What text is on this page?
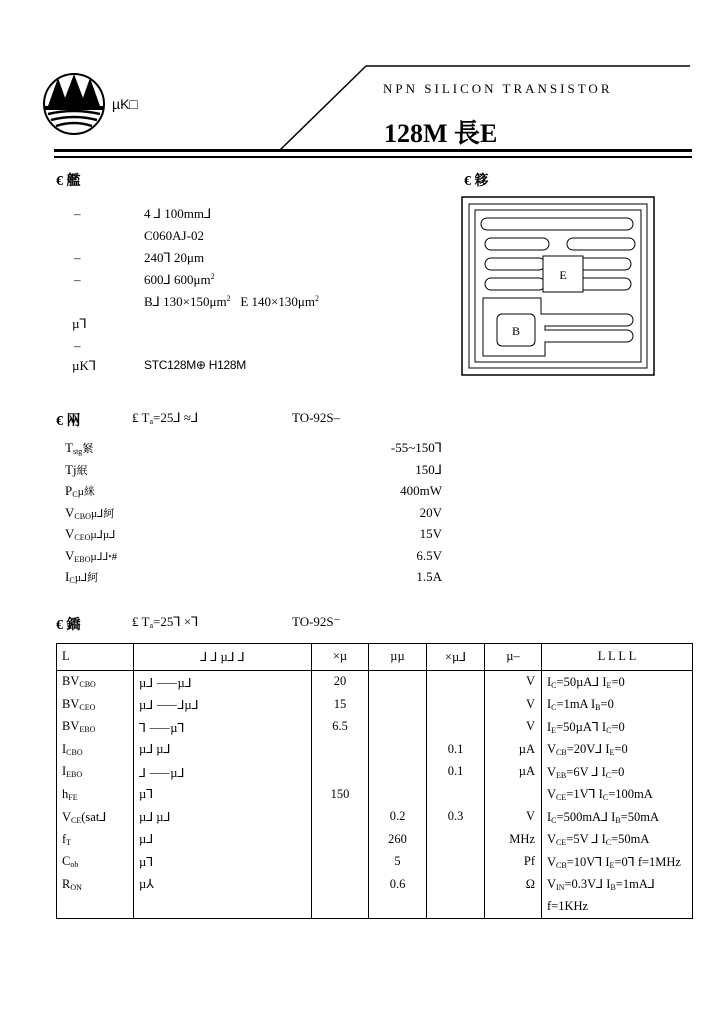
µK□
NPN SILICON TRANSISTOR
128M 長E
€ 艦
–	4 ⅃ 100mm⅃
C060AJ-02
–	240⅂ 20μm
–	600⅃ $600\mu m^2$
B⅃ $130\times 150\mu m^2$ E $140\times 130\mu m^2$
µ⅂
–
µK⅂	STC128M⊕ H128M
€ 簃
E
B
€ 㒳	₤ $T_a=25⅃$ ≈⅃	TO-92S–
$T_{stg}$䋈	-55~150⅂
Tj䋋	150⅃
$P_C\mu$䋛	400mW
$V_{CBO}\mu⅃$䋍	20V
$V_{CEO}\mu⅃\mu⅃$	15V
$V_{EBO}\mu⅃⅃ꞏ\#$	6.5V
$I_C\mu⅃$䋍	1.5A
€ 鐈	₤ $T_a=25⅂$ ×⅂	TO-92S⁻
L	⅃ ⅃ µ⅃ ⅃	×µ	µµ	×µ⅃	µ–	L L L L
$BV_{CBO}$	µ⅃ ⸺µ⅃	20			V	$I_C=50\mu A⅃$ $I_E=0$
$BV_{CEO}$	µ⅃ ⸺⅃µ⅃	15			V	$I_C=1mA$ $I_B=0$
$BV_{EBO}$	⅂ ⸺µ⅂	6.5			V	$I_E=50\mu A⅂$ $I_C=0$
$I_{CBO}$	µ⅃ µ⅃			0.1	µA	$V_{CB}=20V⅃$ $I_E=0$
$I_{EBO}$	⅃ ⸺µ⅃			0.1	µA	$V_{EB}=6V$ ⅃ $I_C=0$
$h_{FE}$	µ⅂	150				$V_{CE}=1V⅂$ $I_C=100mA$
$V_{CE}(sat⅃$	µ⅃ µ⅃		0.2	0.3	V	$I_C=500mA⅃$ $I_B=50mA$
$f_T$	µ⅃		260		MHz	$V_{CE}=5V$ ⅃ $I_C=50mA$
$C_{ob}$	µ⅂		5		Pf	$V_{CB}=10V⅂$ $I_E=0⅂$ f=1MHz
$R_{ON}$	µ⅄		0.6		Ω	$V_{IN}=0.3V⅃$ $I_B=1mA⅃$
						f=1KHz
